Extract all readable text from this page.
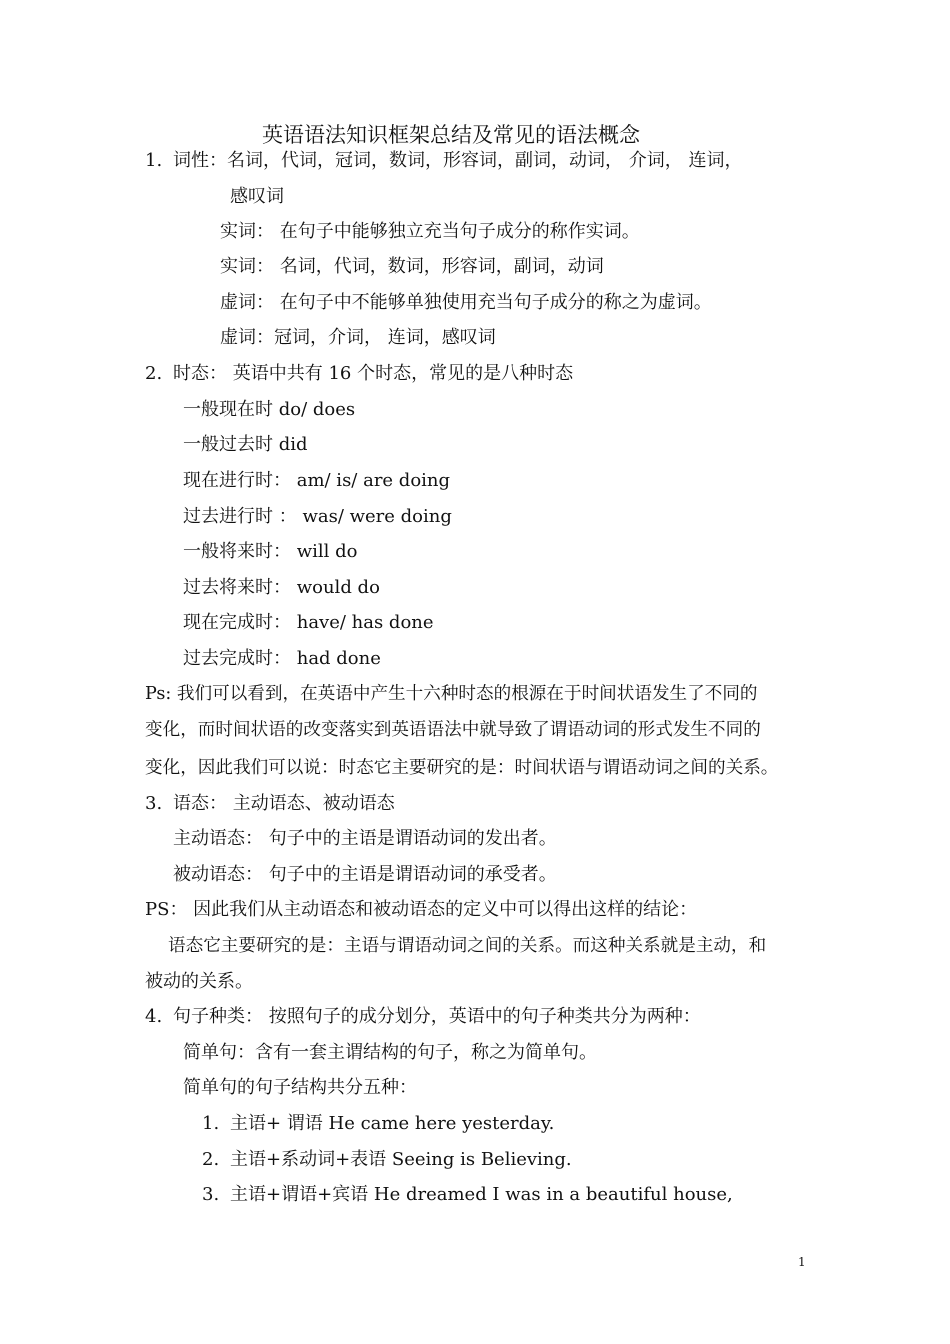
英语语法知识框架总结及常见的语法概念
1. 词性：名词，代词，冠词，数词，形容词，副词，动词， 介词， 连词，
感叹词
实词： 在句子中能够独立充当句子成分的称作实词。
实词： 名词，代词，数词，形容词，副词，动词
虚词： 在句子中不能够单独使用充当句子成分的称之为虚词。
虚词：冠词，介词， 连词，感叹词
2. 时态： 英语中共有 16 个时态，常见的是八种时态
一般现在时 do/ does
一般过去时 did
现在进行时： am/ is/ are doing
过去进行时 ： was/ were doing
一般将来时： will do
过去将来时： would do
现在完成时： have/ has done
过去完成时： had done
Ps: 我们可以看到，在英语中产生十六种时态的根源在于时间状语发生了不同的
变化，而时间状语的改变落实到英语语法中就导致了谓语动词的形式发生不同的
变化，因此我们可以说：时态它主要研究的是：时间状语与谓语动词之间的关系。
3. 语态： 主动语态、被动语态
主动语态： 句子中的主语是谓语动词的发出者。
被动语态： 句子中的主语是谓语动词的承受者。
PS： 因此我们从主动语态和被动语态的定义中可以得出这样的结论：
语态它主要研究的是：主语与谓语动词之间的关系。而这种关系就是主动，和
被动的关系。
4. 句子种类： 按照句子的成分划分，英语中的句子种类共分为两种：
简单句：含有一套主谓结构的句子，称之为简单句。
简单句的句子结构共分五种：
1. 主语+ 谓语 He came here yesterday.
2. 主语+系动词+表语 Seeing is Believing.
3. 主语+谓语+宾语 He dreamed I was in a beautiful house,
1
